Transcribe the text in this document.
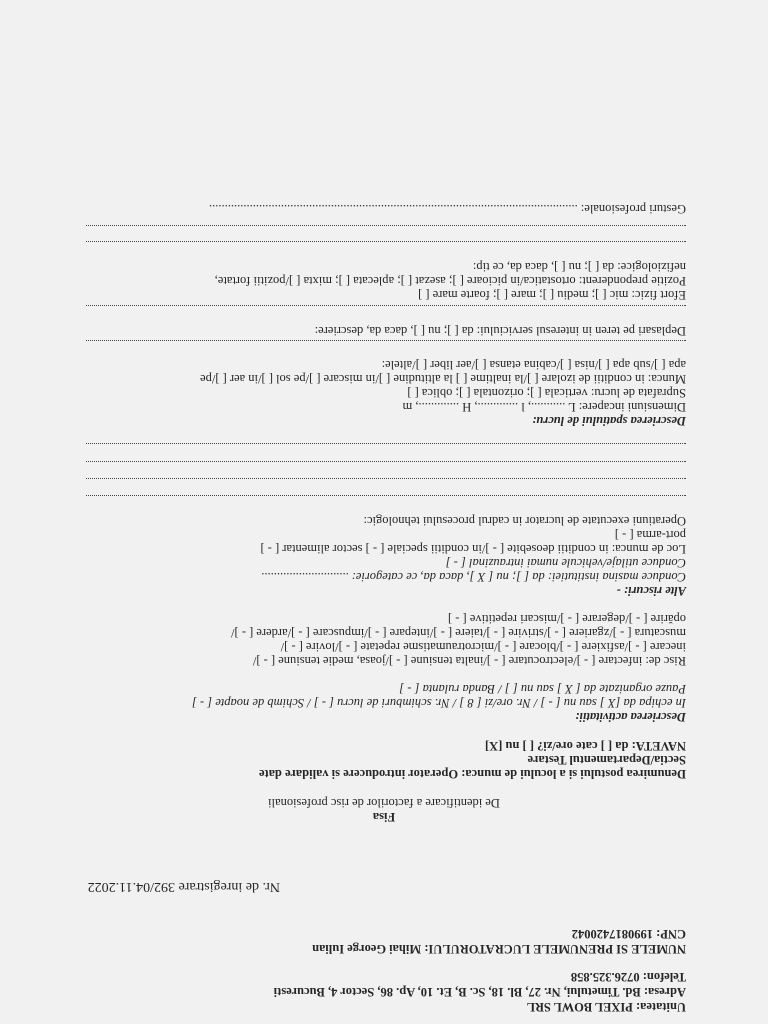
Unitatea: PIXEL BOWL SRL
Adresa: Bd. Timetului, Nr. 27, Bl. 18, Sc. B, Et. 10, Ap. 86, Sector 4, Bucuresti
Telefon: 0726.325.858
NUMELE SI PRENUMELE LUCRATORULUI: Mihai George Iulian
CNP: 1990817420042
Nr. de inregistrare 392/04.11.2022
Fisa
De identificare a factorilor de risc profesionali
Denumirea postului si a locului de munca: Operator introducere si validare date
Sectia/Departamentul Testare
NAVETA: da [ ] cate ore/zi? [ ] nu [X]
Descrierea activitatii:
In echipa da [X ] sau nu [ - ] / Nr. ore/zi [ 8 ] / Nr. schimburi de lucru [ - ] / Schimb de noapte [ - ]
Pauze organizate da [ X ] sau nu [ ] / Banda rulanta [ - ]
Risc de: infectare [ - ]/electrocutare [ - ]/inalta tensiune [ - ]/joasa, medie tensiune [ - ]/
inecare [ - ]/asfixiere [ - ]/blocare [ - ]/microtraumatisme repetate [ - ]/lovire [ - ]/
muscatura [ - ]/zgariere [ - ]/strivire [ - ]/taiere [ - ]/intepare [ - ]/impuscare [ - ]/ardere [ - ]/
opărire [ - ]/degerare [ - ]/miscari repetitive [ - ]
Alte riscuri: -
Conduce masina institutiei: da [ ]; nu [ X ], daca da, ce categorie: ............................
Conduce utilaje/vehicule numai intrauzinal [ - ]
Loc de munca: in conditii deosebite [ - ]/in conditii speciale [ - ] sector alimentar [ - ]
port-arma [ - ]
Operatiuni executate de lucrator in cadrul procesului tehnologic:
Descrierea spatiului de lucru:
Dimensiuni incapere: L ..........., l ............., H ............., m
Suprafata de lucru: verticala [ ]; orizontala [ ]; oblica [ ]
Munca: in conditii de izolare [ ]/la inaltime [ ] la altitudine [ ]/in miscare [ ]/pe sol [ ]/in aer [ ]/pe
apa [ ]/sub apa [ ]/nisa [ ]/cabina etansa [ ]/aer liber [ ]/altele:
Deplasari pe teren in interesul serviciului: da [ ]; nu [ ], daca da, descriere:
Efort fizic: mic [ ]; mediu [ ]; mare [ ]; foarte mare [ ]
Pozitie preponderent: ortostatica/in picioare [ ]; asezat [ ]; aplecata [ ]; mixta [ ]/pozitii fortate,
nefiziologice: da [ ]; nu [ ], daca da, ce tip:
Gesturi profesionale: ......................................................................................................................
